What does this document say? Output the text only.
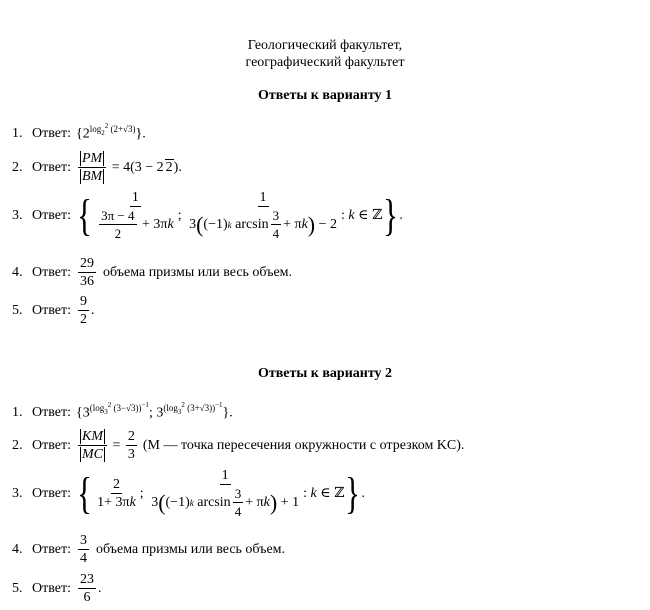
Геологический факультет,
географический факультет
Ответы к варианту 1
1. Ответ: $\{2^{log_2^2 (2+√3)}\}$.
2. Ответ: $\frac{PM}{BM} = 4(3 - 2$ 2).
3. Ответ: { $\frac{1}{\frac{3\pi - 4}{2} + 3\pi k}$ ; $\frac{1}{3 ( (-1) k \arcsin \frac{3}{4} + \pi k ) - 2}$ : k ∈ ℤ } .
4. Ответ: $\frac{29}{36}$ объема призмы или весь объем.
5. Ответ: $\frac{9}{2}$ .
Ответы к варианту 2
1. Ответ: {$3^{(log_3^2 (3-√3))^{-1}}$; $3^{(log_3^2 (3+√3))^{-1}}$}.
2. Ответ: $\frac{KM}{MC} = \frac{2}{3} (M$ — точка пересечения окружности с отрезком KC).
3. Ответ: { $\frac{2}{1+ 3\pi k}$ ; $\frac{1}{3 ( (-1) k \arcsin \frac{3}{4} + \pi k ) + 1}$ : k ∈ ℤ } .
4. Ответ: $\frac{3}{4}$ объема призмы или весь объем.
5. Ответ: $\frac{23}{6}$ .
